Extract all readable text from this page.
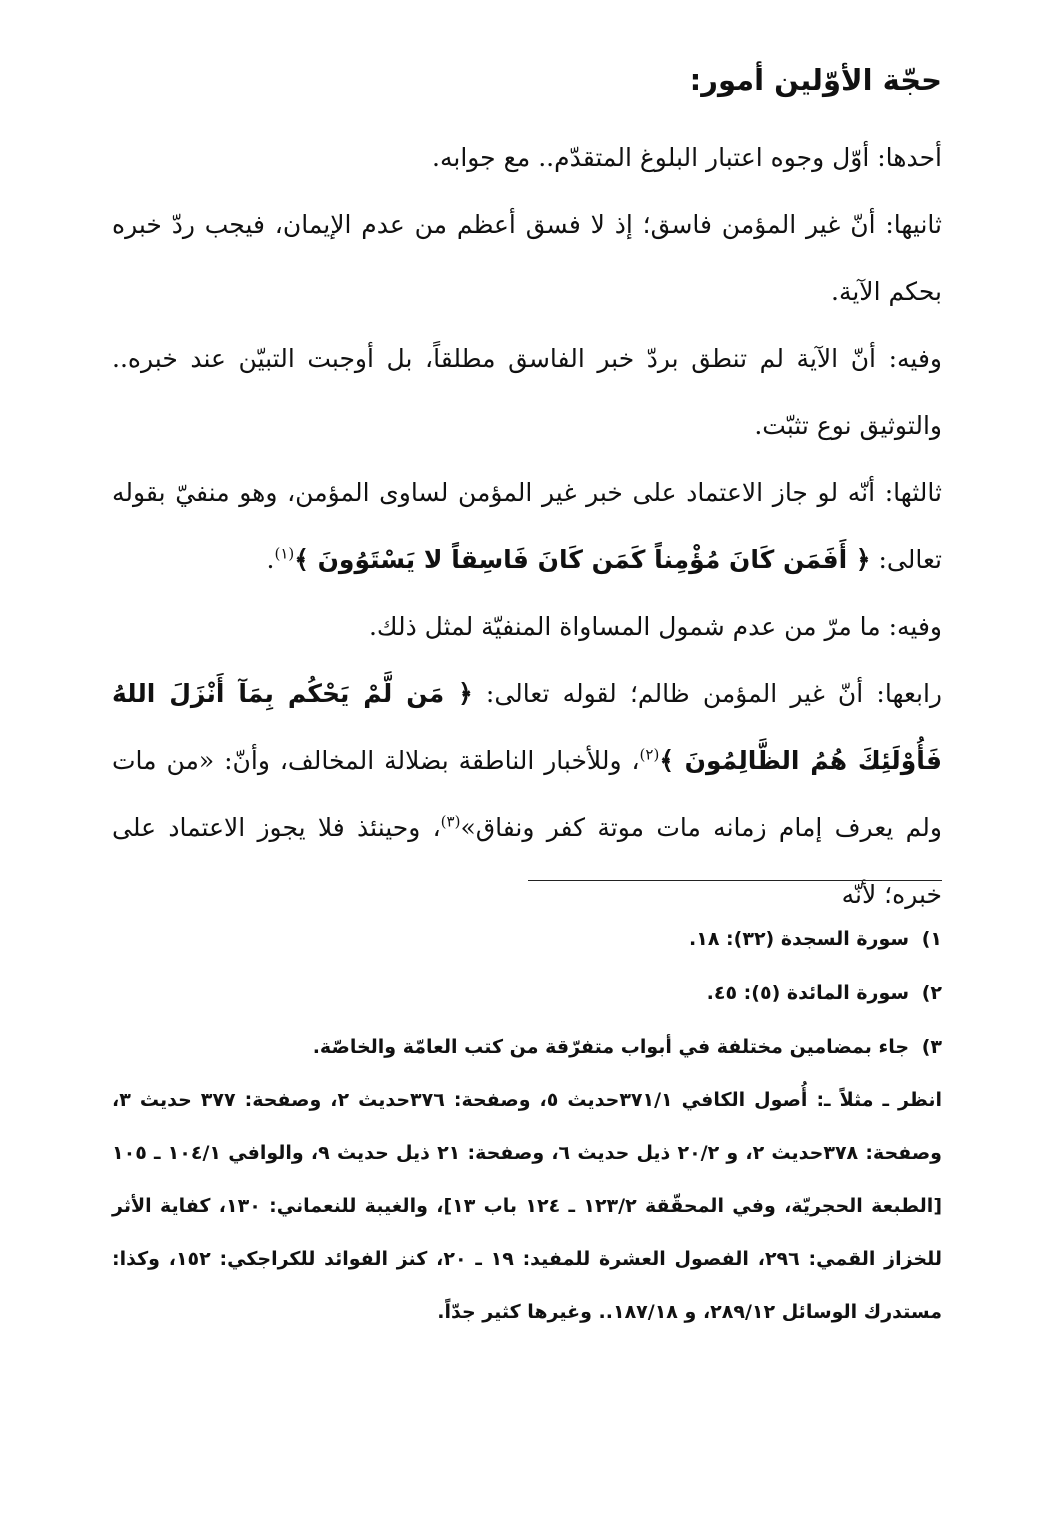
حجّة الأوّلين أمور:

أحدها: أوّل وجوه اعتبار البلوغ المتقدّم.. مع جوابه.

ثانيها: أنّ غير المؤمن فاسق؛ إذ لا فسق أعظم من عدم الإيمان، فيجب ردّ خبره بحكم الآية.

وفيه: أنّ الآية لم تنطق بردّ خبر الفاسق مطلقاً، بل أوجبت التبيّن عند خبره.. والتوثيق نوع تثبّت.

ثالثها: أنّه لو جاز الاعتماد على خبر غير المؤمن لساوى المؤمن، وهو منفيّ بقوله تعالى: ﴿ أَفَمَن كَانَ مُؤْمِناً كَمَن كَانَ فَاسِقاً لا يَسْتَوُونَ ﴾$^{(١)}$.

وفيه: ما مرّ من عدم شمول المساواة المنفيّة لمثل ذلك.

رابعها: أنّ غير المؤمن ظالم؛ لقوله تعالى: ﴿ مَن لَّمْ يَحْكُم بِمَآ أَنْزَلَ اللهُ فَأُوْلَئِكَ هُمُ الظَّالِمُونَ ﴾$^{(٢)}$، وللأخبار الناطقة بضلالة المخالف، وأنّ: «من مات ولم يعرف إمام زمانه مات موتة كفر ونفاق»$^{(٣)}$، وحينئذ فلا يجوز الاعتماد على خبره؛ لأنّه

١) سورة السجدة (٣٢): ١٨.

٢) سورة المائدة (٥): ٤٥.

٣) جاء بمضامين مختلفة في أبواب متفرّقة من كتب العامّة والخاصّة.

انظر ـ مثلاً ـ: أُصول الكافي ٣٧١/١حديث ٥، وصفحة: ٣٧٦حديث ٢، وصفحة: ٣٧٧ حديث ٣، وصفحة: ٣٧٨حديث ٢، و ٢٠/٢ ذيل حديث ٦، وصفحة: ٢١ ذيل حديث ٩، والوافي ١٠٤/١ ـ ١٠٥ [الطبعة الحجريّة، وفي المحقّقة ١٢٣/٢ ـ ١٢٤ باب ١٣]، والغيبة للنعماني: ١٣٠، كفاية الأثر للخزاز القمي: ٢٩٦، الفصول العشرة للمفيد: ١٩ ـ ٢٠، كنز الفوائد للكراجكي: ١٥٢، وكذا: مستدرك الوسائل ٢٨٩/١٢، و ١٨٧/١٨.. وغيرها كثير جدّاً.
